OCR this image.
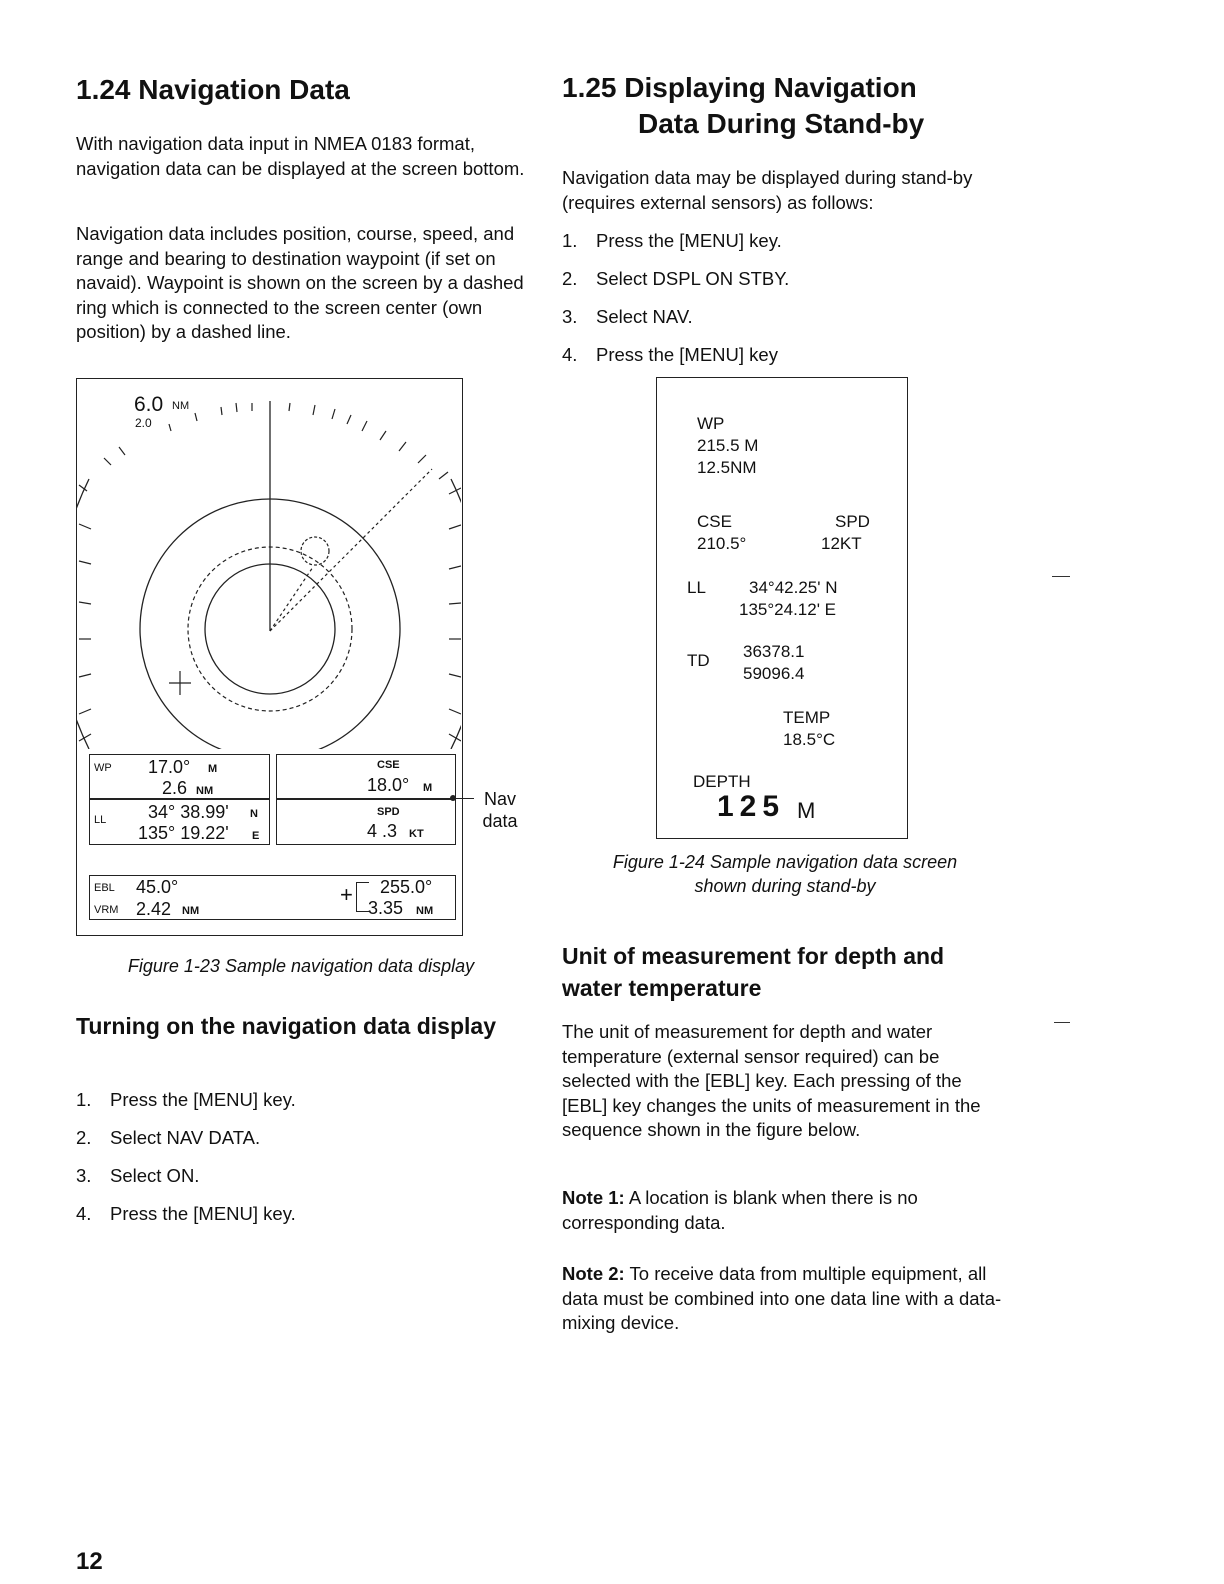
1.24 Navigation Data
With navigation data input in NMEA 0183 format, navigation data can be displayed at the screen bottom.
Navigation data includes position, course, speed, and range and bearing to destination waypoint (if set on navaid). Waypoint is shown on the screen by a dashed ring which is connected to the screen center (own position) by a dashed line.
6.0 NM
2.0
WP 17.0° M
2.6 NM
LL 34° 38.99' N
135° 19.22' E
CSE
18.0° M
SPD
4 .3 KT
EBL 45.0°
VRM 2.42 NM
+ 255.0°
3.35 NM
Nav data
Figure 1-23 Sample navigation data display
Turning on the navigation data display
1. Press the [MENU] key.
2. Select NAV DATA.
3. Select ON.
4. Press the [MENU] key.
1.25 Displaying Navigation
Data During Stand-by
Navigation data may be displayed during stand-by (requires external sensors) as follows:
1. Press the [MENU] key.
2. Select DSPL ON STBY.
3. Select NAV.
4. Press the [MENU] key
WP
215.5 M
12.5NM
CSE
210.5°
SPD
12KT
LL	34°42.25' N
135°24.12' E
TD 36378.1
59096.4
TEMP
18.5°C
DEPTH
125 M
Figure 1-24 Sample navigation data screen shown during stand-by
Unit of measurement for depth and water temperature
The unit of measurement for depth and water temperature (external sensor required) can be selected with the [EBL] key. Each pressing of the [EBL] key changes the units of measurement in the sequence shown in the figure below.
Note 1: A location is blank when there is no corresponding data.
Note 2: To receive data from multiple equipment, all data must be combined into one data line with a data-mixing device.
12
